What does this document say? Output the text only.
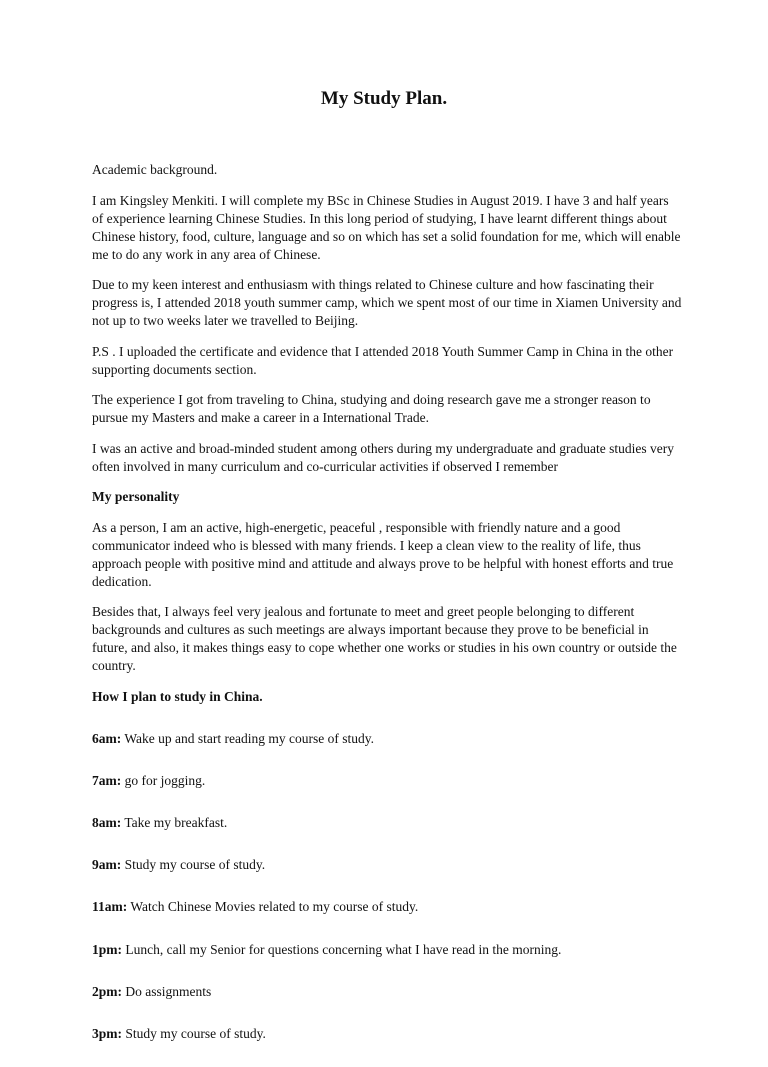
My Study Plan.

Academic background.

I am Kingsley Menkiti. I will complete my BSc in Chinese Studies in August 2019. I have 3 and half years of experience learning Chinese Studies. In this long period of studying, I have learnt different things about Chinese history, food, culture, language and so on which has set a solid foundation for me, which will enable me to do any work in any area of Chinese.

Due to my keen interest and enthusiasm with things related to Chinese culture and how fascinating their progress is, I attended 2018 youth summer camp, which we spent most of our time in Xiamen University and not up to two weeks later we travelled to Beijing.

P.S . I uploaded the certificate and evidence that I attended 2018 Youth Summer Camp in China in the other supporting documents section.

The experience I got from traveling to China, studying and doing research gave me a stronger reason to pursue my Masters and make a career in a International Trade.

I was an active and broad-minded student among others during my undergraduate and graduate studies very often involved in many curriculum and co-curricular activities if observed I remember

My personality

As a person, I am an active, high-energetic, peaceful , responsible with friendly nature and a good communicator indeed who is blessed with many friends. I keep a clean view to the reality of life, thus approach people with positive mind and attitude and always prove to be helpful with honest efforts and true dedication.

Besides that, I always feel very jealous and fortunate to meet and greet people belonging to different backgrounds and cultures as such meetings are always important because they prove to be beneficial in future, and also, it makes things easy to cope whether one works or studies in his own country or outside the country.

How I plan to study in China.

6am: Wake up and start reading my course of study.

7am: go for jogging.

8am: Take my breakfast.

9am: Study my course of study.

11am: Watch Chinese Movies related to my course of study.

1pm: Lunch, call my Senior for questions concerning what I have read in the morning.

2pm: Do assignments

3pm: Study my course of study.
